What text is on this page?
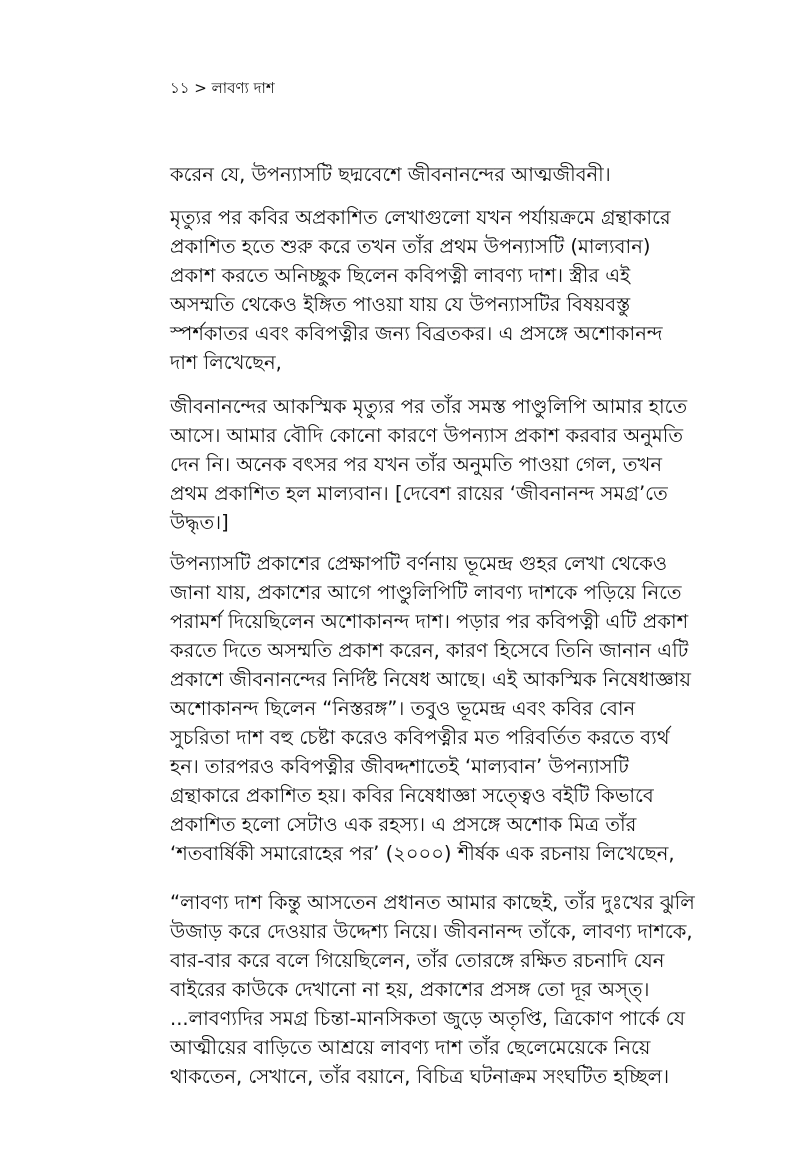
১১ > লাবণ্য দাশ
করেন যে, উপন্যাসটি ছদ্মবেশে জীবনানন্দের আত্মজীবনী।
মৃত্যুর পর কবির অপ্রকাশিত লেখাগুলো যখন পর্যায়ক্রমে গ্রন্থাকারে
প্রকাশিত হতে শুরু করে তখন তাঁর প্রথম উপন্যাসটি (মাল্যবান)
প্রকাশ করতে অনিচ্ছুক ছিলেন কবিপত্নী লাবণ্য দাশ। স্ত্রীর এই
অসম্মতি থেকেও ইঙ্গিত পাওয়া যায় যে উপন্যাসটির বিষয়বস্তু
স্পর্শকাতর এবং কবিপত্নীর জন্য বিব্রতকর। এ প্রসঙ্গে অশোকানন্দ
দাশ লিখেছেন,
জীবনানন্দের আকস্মিক মৃত্যুর পর তাঁর সমস্ত পাণ্ডুলিপি আমার হাতে
আসে। আমার বৌদি কোনো কারণে উপন্যাস প্রকাশ করবার অনুমতি
দেন নি। অনেক বৎসর পর যখন তাঁর অনুমতি পাওয়া গেল, তখন
প্রথম প্রকাশিত হল মাল্যবান। [দেবেশ রায়ের ‘জীবনানন্দ সমগ্র’তে
উদ্ধৃত।]
উপন্যাসটি প্রকাশের প্রেক্ষাপটি বর্ণনায় ভূমেন্দ্র গুহর লেখা থেকেও
জানা যায়, প্রকাশের আগে পাণ্ডুলিপিটি লাবণ্য দাশকে পড়িয়ে নিতে
পরামর্শ দিয়েছিলেন অশোকানন্দ দাশ। পড়ার পর কবিপত্নী এটি প্রকাশ
করতে দিতে অসম্মতি প্রকাশ করেন, কারণ হিসেবে তিনি জানান এটি
প্রকাশে জীবনানন্দের নির্দিষ্ট নিষেধ আছে। এই আকস্মিক নিষেধাজ্ঞায়
অশোকানন্দ ছিলেন “নিস্তরঙ্গ”। তবুও ভূমেন্দ্র এবং কবির বোন
সুচরিতা দাশ বহু চেষ্টা করেও কবিপত্নীর মত পরিবর্তিত করতে ব্যর্থ
হন। তারপরও কবিপত্নীর জীবদ্দশাতেই ‘মাল্যবান’ উপন্যাসটি
গ্রন্থাকারে প্রকাশিত হয়। কবির নিষেধাজ্ঞা সত্ত্বেও বইটি কিভাবে
প্রকাশিত হলো সেটাও এক রহস্য। এ প্রসঙ্গে অশোক মিত্র তাঁর
‘শতবার্ষিকী সমারোহের পর’ (২০০০) শীর্ষক এক রচনায় লিখেছেন,
“লাবণ্য দাশ কিন্তু আসতেন প্রধানত আমার কাছেই, তাঁর দুঃখের ঝুলি
উজাড় করে দেওয়ার উদ্দেশ্য নিয়ে। জীবনানন্দ তাঁকে, লাবণ্য দাশকে,
বার-বার করে বলে গিয়েছিলেন, তাঁর তোরঙ্গে রক্ষিত রচনাদি যেন
বাইরের কাউকে দেখানো না হয়, প্রকাশের প্রসঙ্গ তো দূর অস্ত্।
...লাবণ্যদির সমগ্র চিন্তা-মানসিকতা জুড়ে অতৃপ্তি, ত্রিকোণ পার্কে যে
আত্মীয়ের বাড়িতে আশ্রয়ে লাবণ্য দাশ তাঁর ছেলেমেয়েকে নিয়ে
থাকতেন, সেখানে, তাঁর বয়ানে, বিচিত্র ঘটনাক্রম সংঘটিত হচ্ছিল।
